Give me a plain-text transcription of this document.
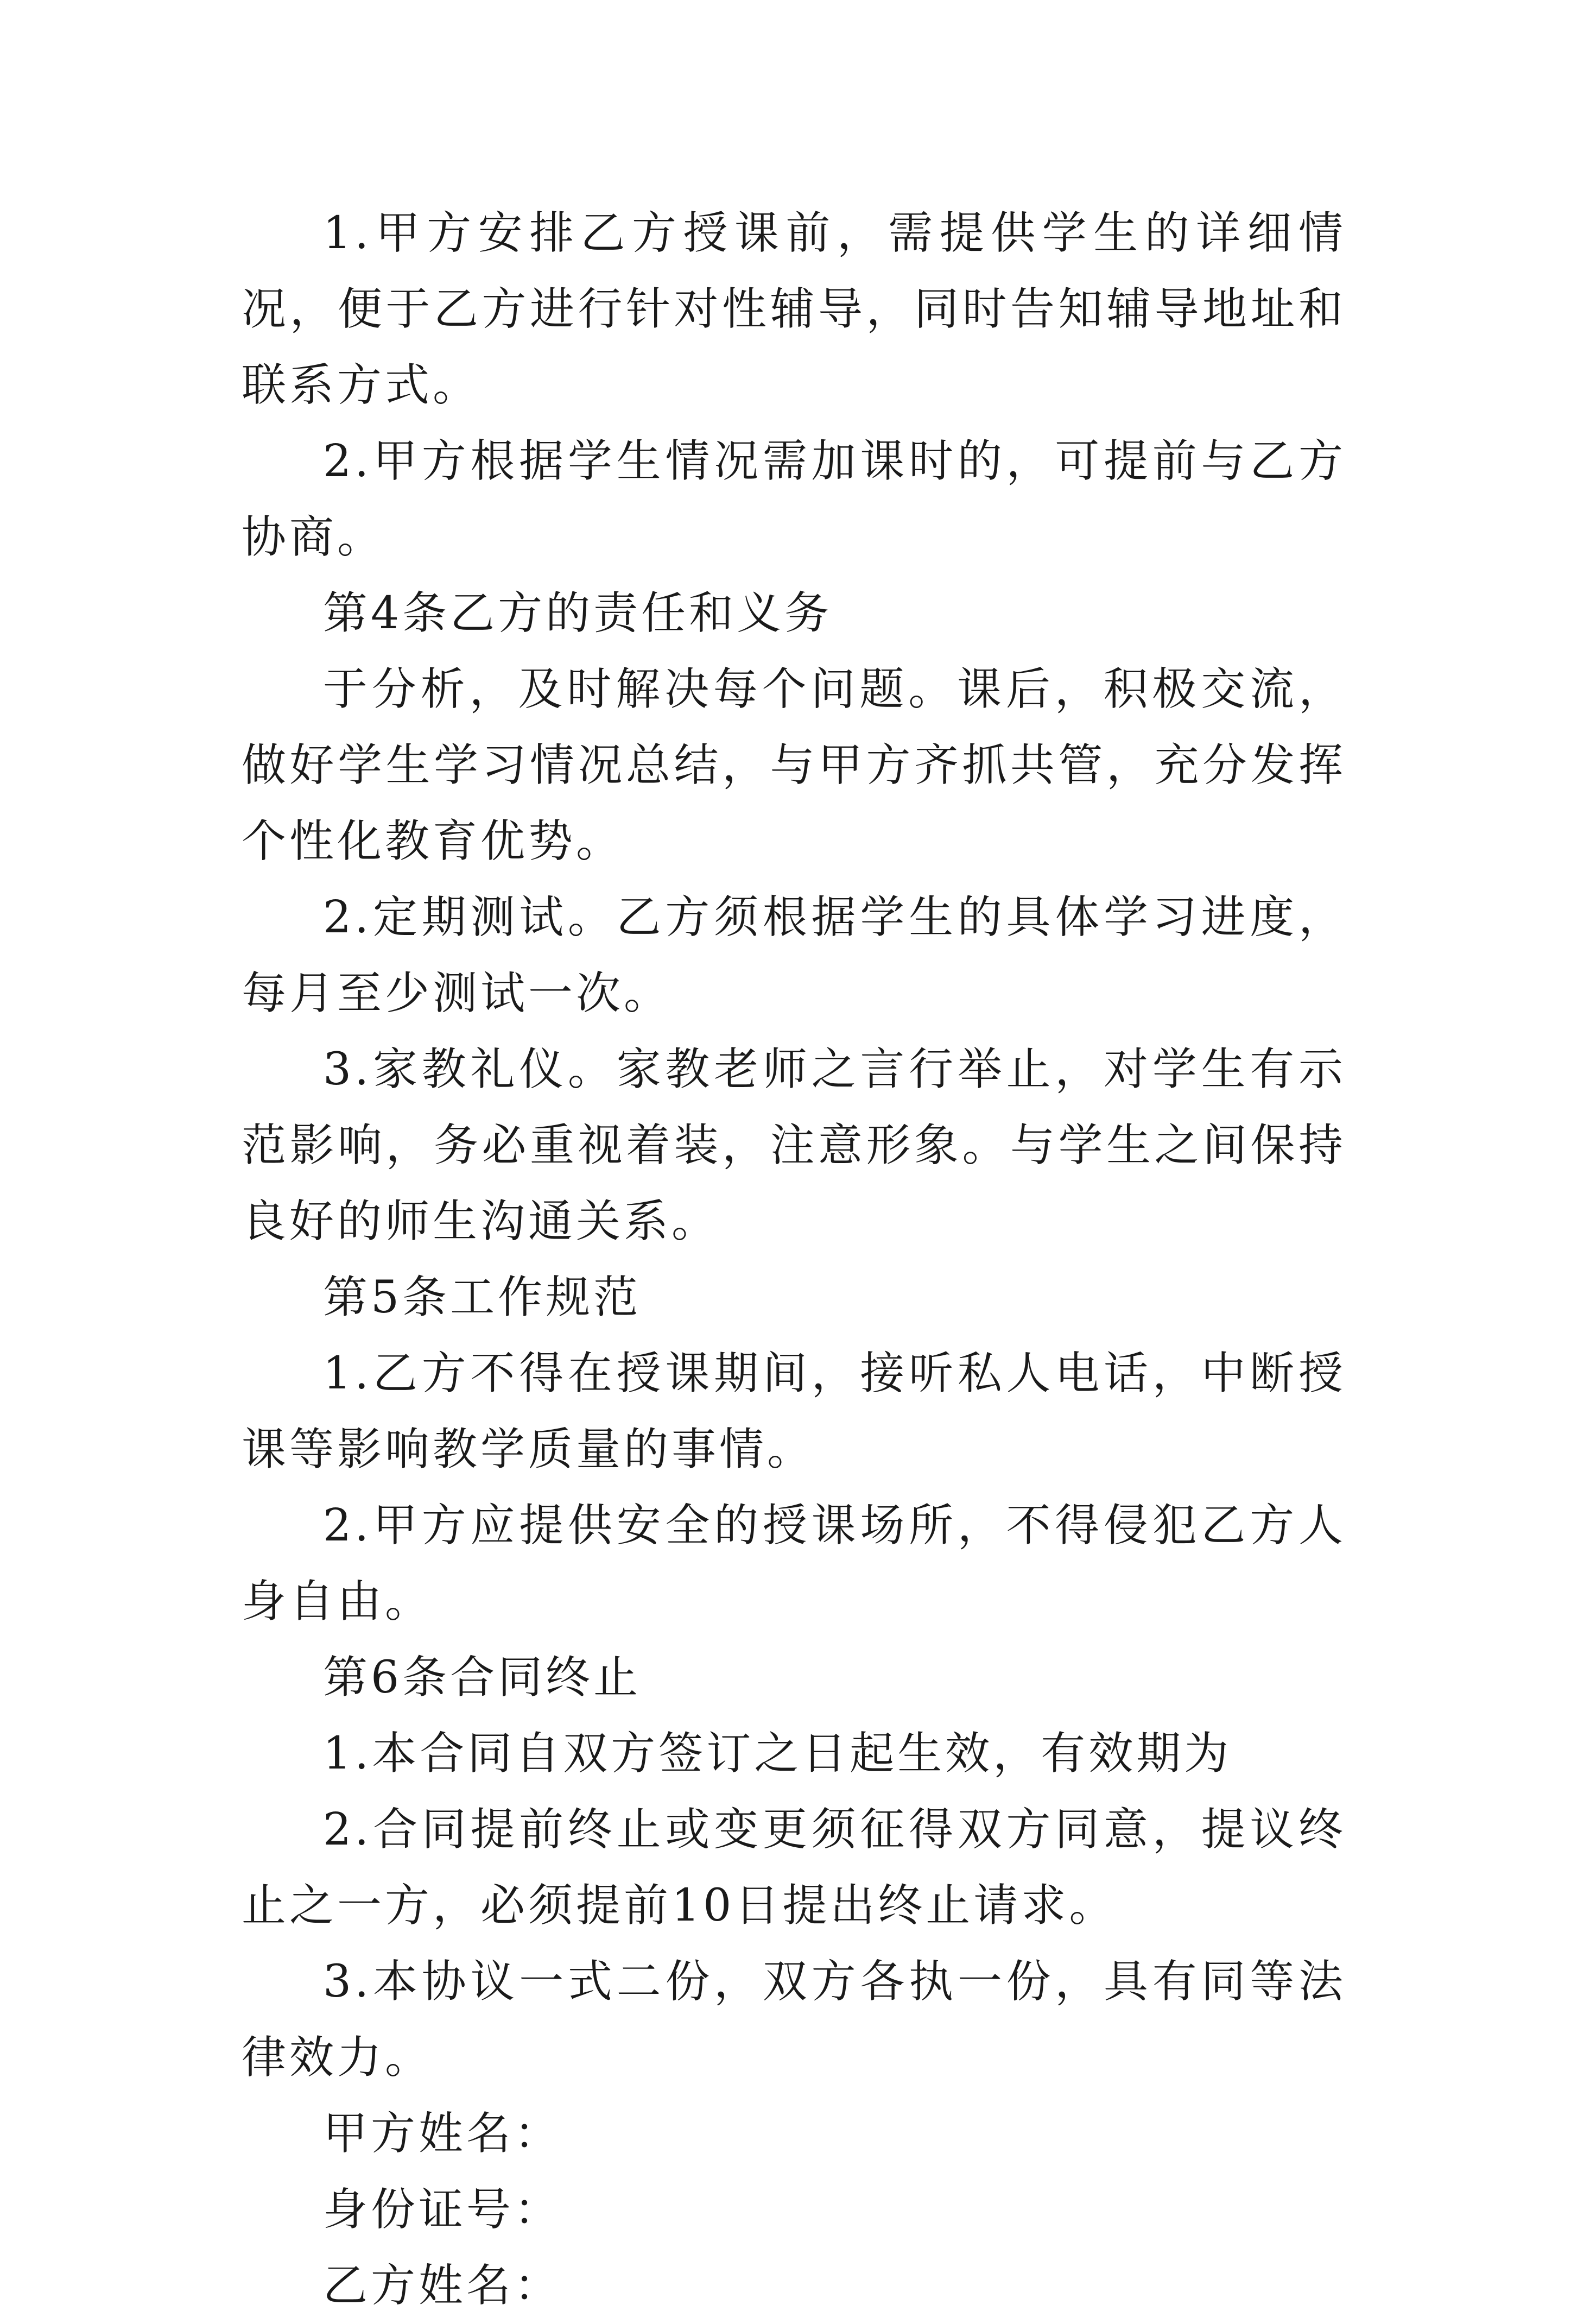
1.甲方安排乙方授课前，需提供学生的详细情况，便于乙方进行针对性辅导，同时告知辅导地址和联系方式。

2.甲方根据学生情况需加课时的，可提前与乙方协商。

第4条乙方的责任和义务

于分析，及时解决每个问题。课后，积极交流，做好学生学习情况总结，与甲方齐抓共管，充分发挥个性化教育优势。

2.定期测试。乙方须根据学生的具体学习进度，每月至少测试一次。

3.家教礼仪。家教老师之言行举止，对学生有示范影响，务必重视着装，注意形象。与学生之间保持良好的师生沟通关系。

第5条工作规范

1.乙方不得在授课期间，接听私人电话，中断授课等影响教学质量的事情。

2.甲方应提供安全的授课场所，不得侵犯乙方人身自由。

第6条合同终止

1.本合同自双方签订之日起生效，有效期为

2.合同提前终止或变更须征得双方同意，提议终止之一方，必须提前10日提出终止请求。

3.本协议一式二份，双方各执一份，具有同等法律效力。

甲方姓名：

身份证号：

乙方姓名：
